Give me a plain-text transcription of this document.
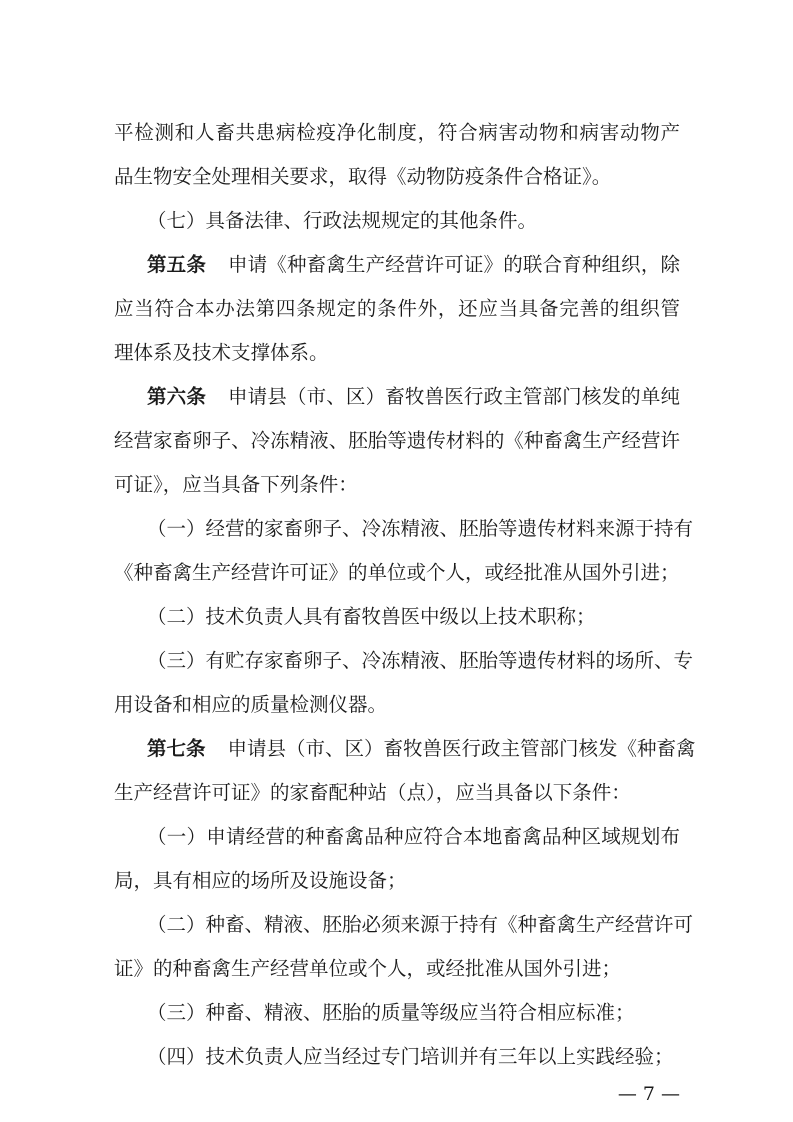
平检测和人畜共患病检疫净化制度，符合病害动物和病害动物产
品生物安全处理相关要求，取得《动物防疫条件合格证》。
（七）具备法律、行政法规规定的其他条件。
第五条 申请《种畜禽生产经营许可证》的联合育种组织，除
应当符合本办法第四条规定的条件外，还应当具备完善的组织管
理体系及技术支撑体系。
第六条 申请县（市、区）畜牧兽医行政主管部门核发的单纯
经营家畜卵子、冷冻精液、胚胎等遗传材料的《种畜禽生产经营许
可证》，应当具备下列条件：
（一）经营的家畜卵子、冷冻精液、胚胎等遗传材料来源于持有
《种畜禽生产经营许可证》的单位或个人，或经批准从国外引进；
（二）技术负责人具有畜牧兽医中级以上技术职称；
（三）有贮存家畜卵子、冷冻精液、胚胎等遗传材料的场所、专
用设备和相应的质量检测仪器。
第七条 申请县（市、区）畜牧兽医行政主管部门核发《种畜禽
生产经营许可证》的家畜配种站（点），应当具备以下条件：
（一）申请经营的种畜禽品种应符合本地畜禽品种区域规划布
局，具有相应的场所及设施设备；
（二）种畜、精液、胚胎必须来源于持有《种畜禽生产经营许可
证》的种畜禽生产经营单位或个人，或经批准从国外引进；
（三）种畜、精液、胚胎的质量等级应当符合相应标准；
（四）技术负责人应当经过专门培训并有三年以上实践经验；
— 7 —
